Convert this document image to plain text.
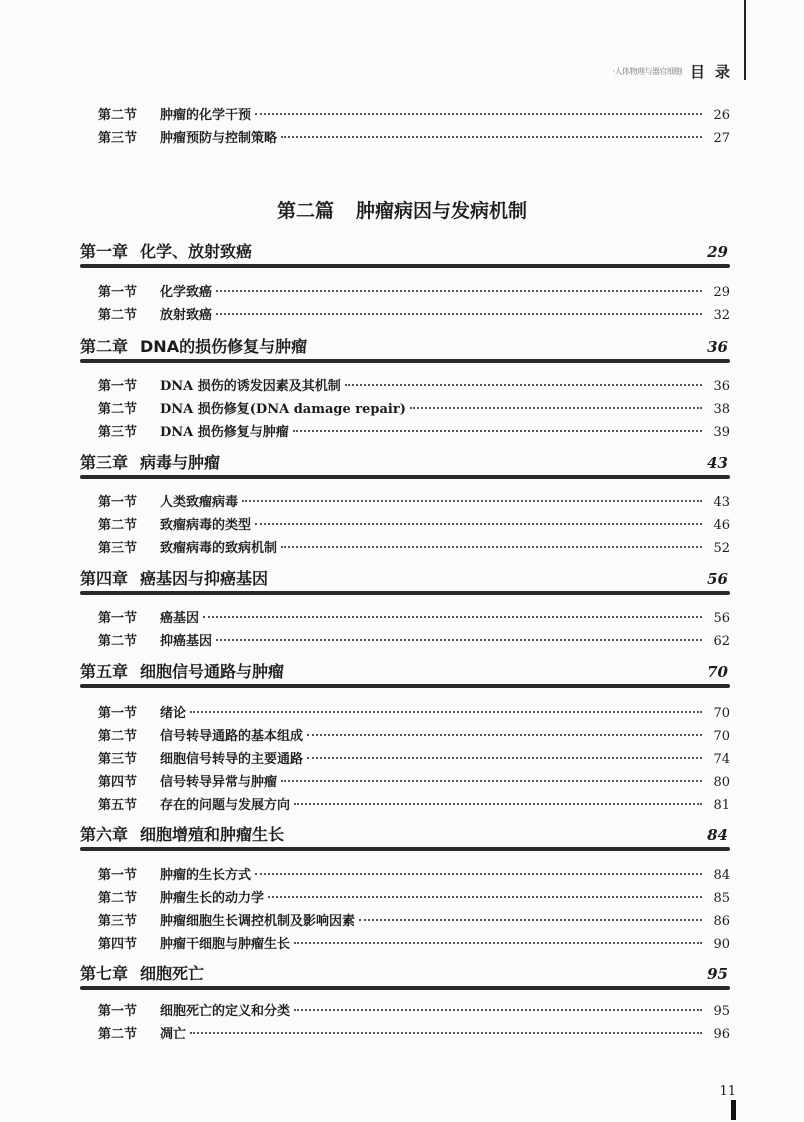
·人体物理与器官细胞 目录
第二节	肿瘤的化学干预	26
第三节	肿瘤预防与控制策略	27
第二篇 肿瘤病因与发病机制
第一章 化学、放射致癌	29
第一节	化学致癌	29
第二节	放射致癌	32
第二章 DNA的损伤修复与肿瘤	36
第一节	DNA 损伤的诱发因素及其机制	36
第二节	DNA 损伤修复(DNA damage repair)	38
第三节	DNA 损伤修复与肿瘤	39
第三章 病毒与肿瘤	43
第一节	人类致瘤病毒	43
第二节	致瘤病毒的类型	46
第三节	致瘤病毒的致病机制	52
第四章 癌基因与抑癌基因	56
第一节	癌基因	56
第二节	抑癌基因	62
第五章 细胞信号通路与肿瘤	70
第一节	绪论	70
第二节	信号转导通路的基本组成	70
第三节	细胞信号转导的主要通路	74
第四节	信号转导异常与肿瘤	80
第五节	存在的问题与发展方向	81
第六章 细胞增殖和肿瘤生长	84
第一节	肿瘤的生长方式	84
第二节	肿瘤生长的动力学	85
第三节	肿瘤细胞生长调控机制及影响因素	86
第四节	肿瘤干细胞与肿瘤生长	90
第七章 细胞死亡	95
第一节	细胞死亡的定义和分类	95
第二节	凋亡	96
11
